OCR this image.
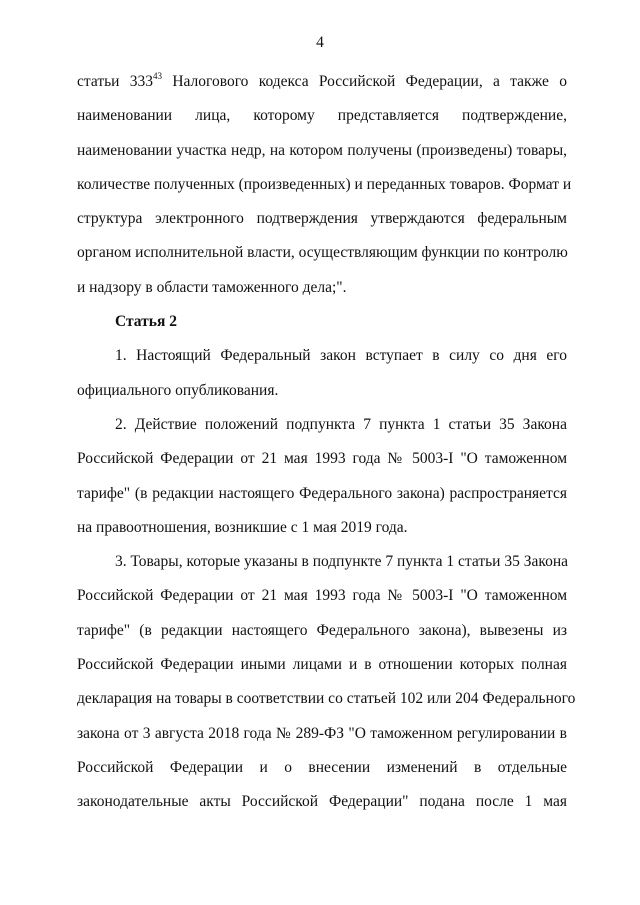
4
статьи $333^{43}$ Налогового кодекса Российской Федерации, а также о
наименовании лица, которому представляется подтверждение,
наименовании участка недр, на котором получены (произведены) товары,
количестве полученных (произведенных) и переданных товаров. Формат и
структура электронного подтверждения утверждаются федеральным
органом исполнительной власти, осуществляющим функции по контролю
и надзору в области таможенного дела;".
Статья 2
1. Настоящий Федеральный закон вступает в силу со дня его
официального опубликования.
2. Действие положений подпункта 7 пункта 1 статьи 35 Закона
Российской Федерации от 21 мая 1993 года № 5003-I "О таможенном
тарифе" (в редакции настоящего Федерального закона) распространяется
на правоотношения, возникшие с 1 мая 2019 года.
3. Товары, которые указаны в подпункте 7 пункта 1 статьи 35 Закона
Российской Федерации от 21 мая 1993 года № 5003-I "О таможенном
тарифе" (в редакции настоящего Федерального закона), вывезены из
Российской Федерации иными лицами и в отношении которых полная
декларация на товары в соответствии со статьей 102 или 204 Федерального
закона от 3 августа 2018 года № 289-ФЗ "О таможенном регулировании в
Российской Федерации и о внесении изменений в отдельные
законодательные акты Российской Федерации" подана после 1 мая
